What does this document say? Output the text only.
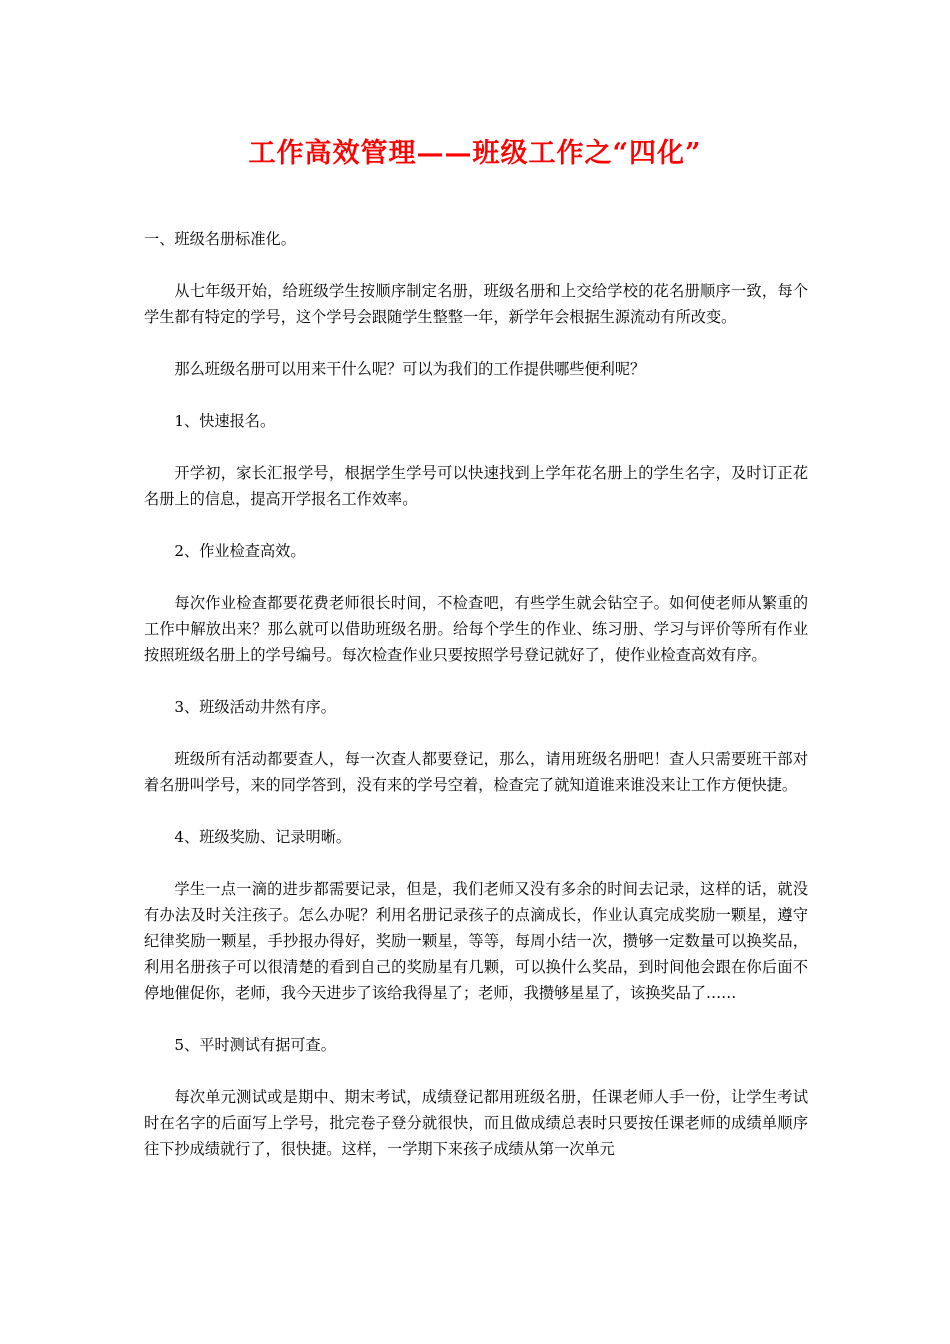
工作高效管理——班级工作之“四化”

一、班级名册标准化。

从七年级开始，给班级学生按顺序制定名册，班级名册和上交给学校的花名册顺序一致，每个学生都有特定的学号，这个学号会跟随学生整整一年，新学年会根据生源流动有所改变。

那么班级名册可以用来干什么呢？可以为我们的工作提供哪些便利呢？

1、快速报名。

开学初，家长汇报学号，根据学生学号可以快速找到上学年花名册上的学生名字，及时订正花名册上的信息，提高开学报名工作效率。

2、作业检查高效。

每次作业检查都要花费老师很长时间，不检查吧，有些学生就会钻空子。如何使老师从繁重的工作中解放出来？那么就可以借助班级名册。给每个学生的作业、练习册、学习与评价等所有作业按照班级名册上的学号编号。每次检查作业只要按照学号登记就好了，使作业检查高效有序。

3、班级活动井然有序。

班级所有活动都要查人，每一次查人都要登记，那么，请用班级名册吧！查人只需要班干部对着名册叫学号，来的同学答到，没有来的学号空着，检查完了就知道谁来谁没来让工作方便快捷。

4、班级奖励、记录明晰。

学生一点一滴的进步都需要记录，但是，我们老师又没有多余的时间去记录，这样的话，就没有办法及时关注孩子。怎么办呢？利用名册记录孩子的点滴成长，作业认真完成奖励一颗星，遵守纪律奖励一颗星，手抄报办得好，奖励一颗星，等等，每周小结一次，攒够一定数量可以换奖品，利用名册孩子可以很清楚的看到自己的奖励星有几颗，可以换什么奖品，到时间他会跟在你后面不停地催促你，老师，我今天进步了该给我得星了；老师，我攒够星星了，该换奖品了……

5、平时测试有据可查。

每次单元测试或是期中、期末考试，成绩登记都用班级名册，任课老师人手一份，让学生考试时在名字的后面写上学号，批完卷子登分就很快，而且做成绩总表时只要按任课老师的成绩单顺序往下抄成绩就行了，很快捷。这样，一学期下来孩子成绩从第一次单元
